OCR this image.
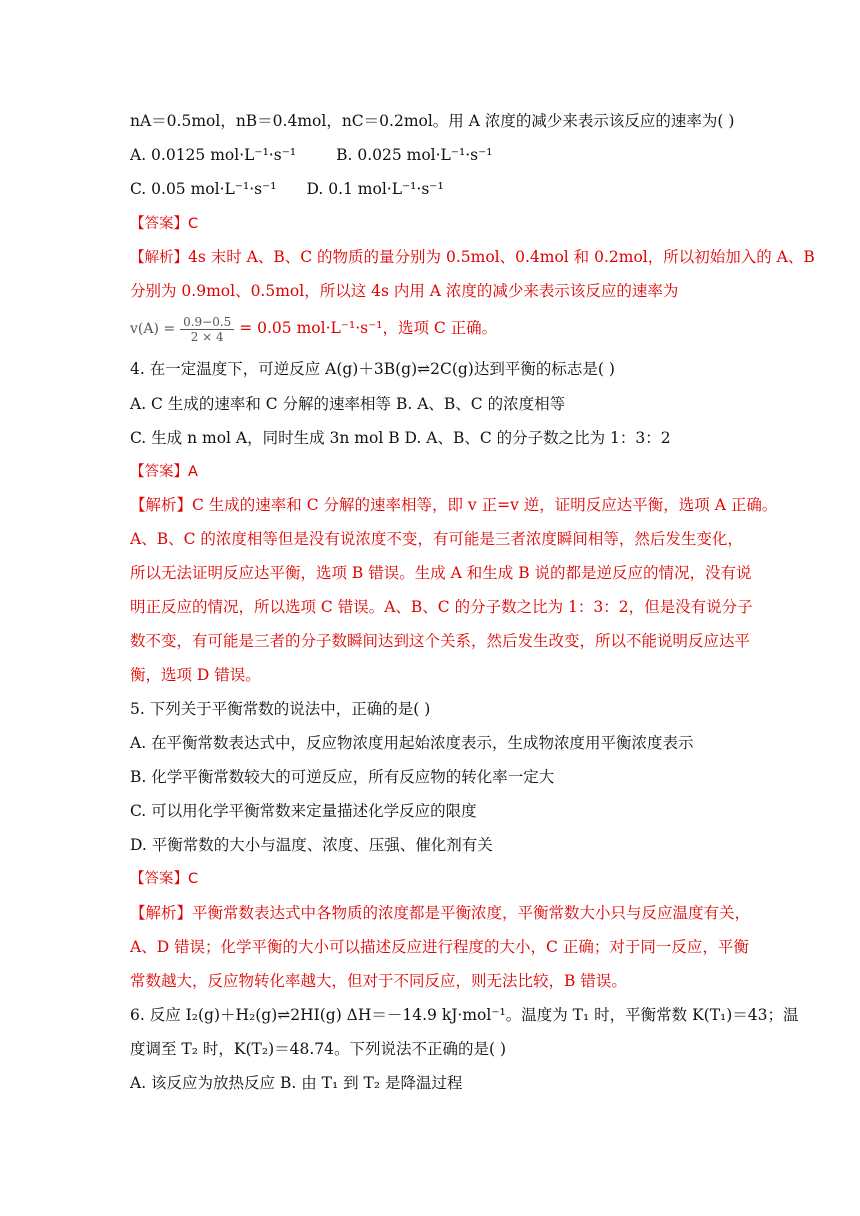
nA＝0.5mol，nB＝0.4mol，nC＝0.2mol。用 A 浓度的减少来表示该反应的速率为( )
A. 0.0125 mol·L⁻¹·s⁻¹	B. 0.025 mol·L⁻¹·s⁻¹
C. 0.05 mol·L⁻¹·s⁻¹ D. 0.1 mol·L⁻¹·s⁻¹
【答案】C
【解析】4s 末时 A、B、C 的物质的量分别为 0.5mol、0.4mol 和 0.2mol，所以初始加入的 A、B
分别为 0.9mol、0.5mol，所以这 4s 内用 A 浓度的减少来表示该反应的速率为
$v(A) = \frac{0.9-0.5}{2 \times 4} = 0.05$ mol·L⁻¹·s⁻¹，选项 C 正确。
4. 在一定温度下，可逆反应 A(g)＋3B(g)⇌2C(g)达到平衡的标志是( )
A. C 生成的速率和 C 分解的速率相等 B. A、B、C 的浓度相等
C. 生成 n mol A，同时生成 3n mol B D. A、B、C 的分子数之比为 1：3：2
【答案】A
【解析】C 生成的速率和 C 分解的速率相等，即 v 正=v 逆，证明反应达平衡，选项 A 正确。
A、B、C 的浓度相等但是没有说浓度不变，有可能是三者浓度瞬间相等，然后发生变化，
所以无法证明反应达平衡，选项 B 错误。生成 A 和生成 B 说的都是逆反应的情况，没有说
明正反应的情况，所以选项 C 错误。A、B、C 的分子数之比为 1：3：2，但是没有说分子
数不变，有可能是三者的分子数瞬间达到这个关系，然后发生改变，所以不能说明反应达平
衡，选项 D 错误。
5. 下列关于平衡常数的说法中，正确的是( )
A. 在平衡常数表达式中，反应物浓度用起始浓度表示，生成物浓度用平衡浓度表示
B. 化学平衡常数较大的可逆反应，所有反应物的转化率一定大
C. 可以用化学平衡常数来定量描述化学反应的限度
D. 平衡常数的大小与温度、浓度、压强、催化剂有关
【答案】C
【解析】平衡常数表达式中各物质的浓度都是平衡浓度，平衡常数大小只与反应温度有关，
A、D 错误；化学平衡的大小可以描述反应进行程度的大小，C 正确；对于同一反应，平衡
常数越大，反应物转化率越大，但对于不同反应，则无法比较，B 错误。
6. 反应 I₂(g)＋H₂(g)⇌2HI(g) ΔH＝－14.9 kJ·mol⁻¹。温度为 T₁ 时，平衡常数 K(T₁)＝43；温
度调至 T₂ 时，K(T₂)＝48.74。下列说法不正确的是( )
A. 该反应为放热反应 B. 由 T₁ 到 T₂ 是降温过程
